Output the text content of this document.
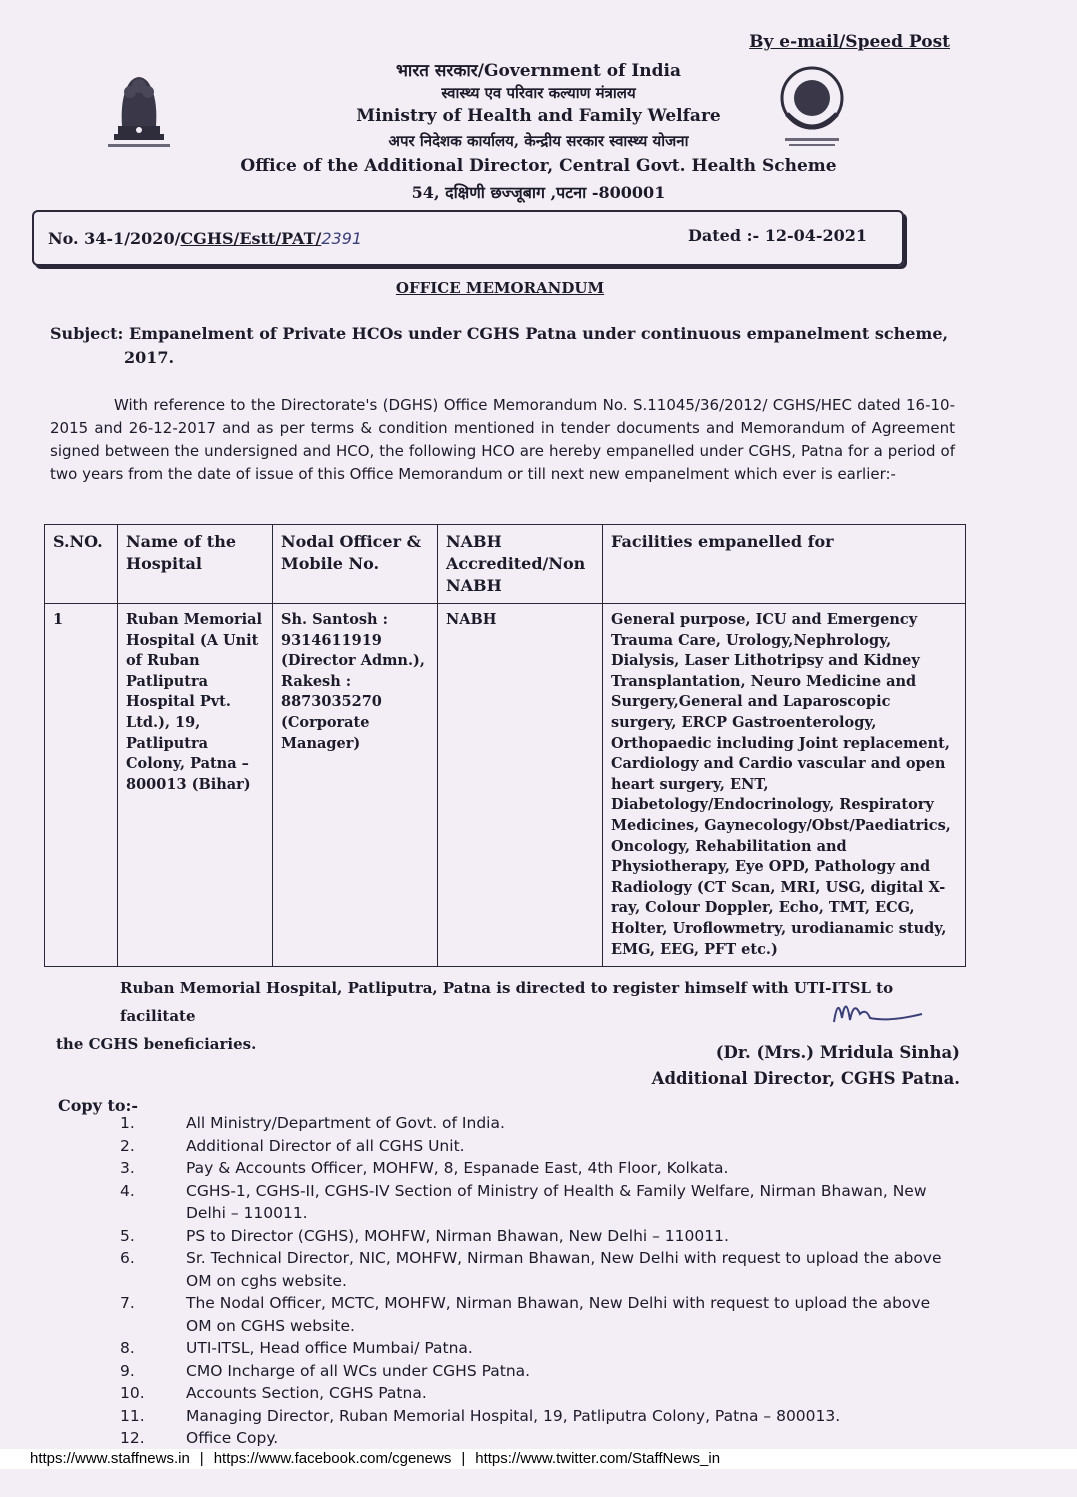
By e-mail/Speed Post
भारत सरकार/Government of India
स्वास्थ्य एव परिवार कल्याण मंत्रालय
Ministry of Health and Family Welfare
अपर निदेशक कार्यालय, केन्द्रीय सरकार स्वास्थ्य योजना
Office of the Additional Director, Central Govt. Health Scheme
54, दक्षिणी छज्जूबाग ,पटना -800001
No. 34-1/2020/CGHS/Estt/PAT/2391	Dated :- 12-04-2021
OFFICE MEMORANDUM
Subject: Empanelment of Private HCOs under CGHS Patna under continuous empanelment scheme,
2017.
With reference to the Directorate's (DGHS) Office Memorandum No. S.11045/36/2012/ CGHS/HEC dated 16-10-2015 and 26-12-2017 and as per terms & condition mentioned in tender documents and Memorandum of Agreement signed between the undersigned and HCO, the following HCO are hereby empanelled under CGHS, Patna for a period of two years from the date of issue of this Office Memorandum or till next new empanelment which ever is earlier:-
S.NO.	Name of the Hospital	Nodal Officer & Mobile No.	NABH Accredited/Non NABH	Facilities empanelled for
1	Ruban Memorial Hospital (A Unit of Ruban Patliputra Hospital Pvt. Ltd.), 19, Patliputra Colony, Patna – 800013 (Bihar)	Sh. Santosh : 9314611919 (Director Admn.), Rakesh : 8873035270 (Corporate Manager)	NABH	General purpose, ICU and Emergency Trauma Care, Urology,Nephrology, Dialysis, Laser Lithotripsy and Kidney Transplantation, Neuro Medicine and Surgery,General and Laparoscopic surgery, ERCP Gastroenterology, Orthopaedic including Joint replacement, Cardiology and Cardio vascular and open heart surgery, ENT, Diabetology/Endocrinology, Respiratory Medicines, Gaynecology/Obst/Paediatrics, Oncology, Rehabilitation and Physiotherapy, Eye OPD, Pathology and Radiology (CT Scan, MRI, USG, digital X-ray, Colour Doppler, Echo, TMT, ECG, Holter, Uroflowmetry, urodianamic study, EMG, EEG, PFT etc.)
Ruban Memorial Hospital, Patliputra, Patna is directed to register himself with UTI-ITSL to facilitate
the CGHS beneficiaries.	(Dr. (Mrs.) Mridula Sinha)
Additional Director, CGHS Patna.
Copy to:-
1.	All Ministry/Department of Govt. of India.
2.	Additional Director of all CGHS Unit.
3.	Pay & Accounts Officer, MOHFW, 8, Espanade East, 4th Floor, Kolkata.
4.	CGHS-1, CGHS-II, CGHS-IV Section of Ministry of Health & Family Welfare, Nirman Bhawan, New Delhi – 110011.
5.	PS to Director (CGHS), MOHFW, Nirman Bhawan, New Delhi – 110011.
6.	Sr. Technical Director, NIC, MOHFW, Nirman Bhawan, New Delhi with request to upload the above OM on cghs website.
7.	The Nodal Officer, MCTC, MOHFW, Nirman Bhawan, New Delhi with request to upload the above OM on CGHS website.
8.	UTI-ITSL, Head office Mumbai/ Patna.
9.	CMO Incharge of all WCs under CGHS Patna.
10.	Accounts Section, CGHS Patna.
11.	Managing Director, Ruban Memorial Hospital, 19, Patliputra Colony, Patna – 800013.
12.	Office Copy.
https://www.staffnews.in | https://www.facebook.com/cgenews | https://www.twitter.com/StaffNews_in
